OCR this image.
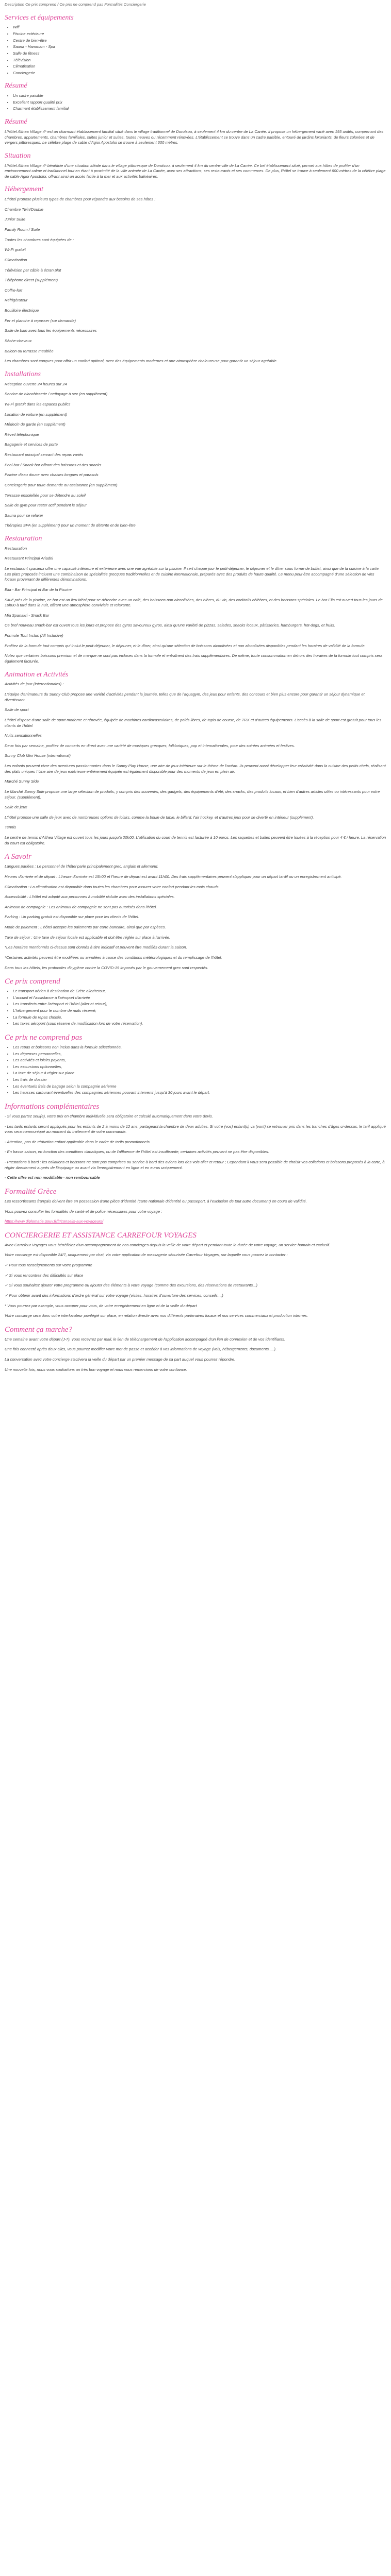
Description Ce prix comprend / Ce prix ne comprend pas Formalités Conciergerie

Services et équipements
• Wifi
• Piscine extérieure
• Centre de bien-être
• Sauna - Hammam - Spa
• Salle de fitness
• Télévision
• Climatisation
• Conciergerie
Résumé
• Un cadre paisible
• Excellent rapport qualité prix
• Charmant établissement familial
Résumé

L'Hôtel Althea Village 4* est un charmant établissement familial situé dans le village traditionnel de Dorotsou, à seulement 4 km du centre de La Canée. Il propose un hébergement varié avec 155 unités, comprenant des chambres, appartements, chambres familiales, suites junior et suites, toutes neuves ou récemment rénovées. L'établissement se trouve dans un cadre paisible, entouré de jardins luxuriants, de fleurs colorées et de vergers pittoresques. Le célèbre plage de sable d'Agioi Apostoloi se trouve à seulement 600 mètres.

Situation

L'Hôtel Althea Village 4* bénéficie d'une situation idéale dans le village pittoresque de Dorotsou, à seulement 4 km du centre-ville de La Canée. Ce bel établissement situé, permet aux hôtes de profiter d'un environnement calme et traditionnel tout en étant à proximité de la ville animée de La Canée, avec ses attractions, ses restaurants et ses commerces. De plus, l'hôtel se trouve à seulement 600 mètres de la célèbre plage de sable Agioi Apostoloi, offrant ainsi un accès facile à la mer et aux activités balnéaires.

Hébergement

L'hôtel propose plusieurs types de chambres pour répondre aux besoins de ses hôtes :

Chambre Twin/Double

Junior Suite

Family Room / Suite

Toutes les chambres sont équipées de :

Wi-Fi gratuit

Climatisation

Télévision par câble à écran plat

Téléphone direct (supplément)

Coffre-fort

Réfrigérateur

Bouilloire électrique

Fer et planche à repasser (sur demande)

Salle de bain avec tous les équipements nécessaires

Sèche-cheveux

Balcon ou terrasse meublée

Les chambres sont conçues pour offrir un confort optimal, avec des équipements modernes et une atmosphère chaleureuse pour garantir un séjour agréable.

Installations

Réception ouverte 24 heures sur 24

Service de blanchisserie / nettoyage à sec (en supplément)

Wi-Fi gratuit dans les espaces publics

Location de voiture (en supplément)

Médecin de garde (en supplément)

Réveil téléphonique

Bagagerie et services de porte

Restaurant principal servant des repas variés

Pool bar / Snack bar offrant des boissons et des snacks

Piscine d'eau douce avec chaises longues et parasols

Conciergerie pour toute demande ou assistance (en supplément)

Terrasse ensoleillée pour se détendre au soleil

Salle de gym pour rester actif pendant le séjour

Sauna pour se relaxer

Thérapies SPA (en supplément) pour un moment de détente et de bien-être

Restauration

Restauration

Restaurant Principal Ariadni

Le restaurant spacieux offre une capacité intérieure et extérieure avec une vue agréable sur la piscine. Il sert chaque jour le petit-déjeuner, le déjeuner et le dîner sous forme de buffet, ainsi que de la cuisine à la carte. Les plats proposés incluent une combinaison de spécialités grecques traditionnelles et de cuisine internationale, préparés avec des produits de haute qualité. Le menu peut être accompagné d'une sélection de vins locaux provenant de différentes dénominations.

Elia - Bar Principal et Bar de la Piscine

Situé près de la piscine, ce bar est un lieu idéal pour se détendre avec un café, des boissons non alcoolisées, des bières, du vin, des cocktails célèbres, et des boissons spéciales. Le bar Elia est ouvert tous les jours de 10h00 à tard dans la nuit, offrant une atmosphère conviviale et relaxante.

Mia Spanakri - Snack Bar

Ce bref nouveau snack-bar est ouvert tous les jours et propose des gyros savoureux gyros, ainsi qu'une variété de pizzas, salades, snacks locaux, pâtisseries, hamburgers, hot-dogs, et fruits.

Formule Tout Inclus (All Inclusive)

Profitez de la formule tout compris qui inclut le petit-déjeuner, le déjeuner, et le dîner, ainsi qu'une sélection de boissons alcoolisées et non alcoolisées disponibles pendant les horaires de validité de la formule.

Notez que certaines boissons premium et de marque ne sont pas incluses dans la formule et entraînent des frais supplémentaires. De même, toute consommation en dehors des horaires de la formule tout compris sera également facturée.

Animation et Activités

Activités de jour (internationales) :

L'équipe d'animateurs du Sunny Club propose une variété d'activités pendant la journée, telles que de l'aquagym, des jeux pour enfants, des concours et bien plus encore pour garantir un séjour dynamique et divertissant.

Salle de sport

L'hôtel dispose d'une salle de sport moderne et rénovée, équipée de machines cardiovasculaires, de poids libres, de tapis de course, de TRX et d'autres équipements. L'accès à la salle de sport est gratuit pour tous les clients de l'hôtel.

Nuits sensationnelles

Deux fois par semaine, profitez de concerts en direct avec une variété de musiques grecques, folkloriques, pop et internationales, pour des soirées animées et festives.

Sunny Club Mini House (international)

Les enfants peuvent vivre des aventures passionnantes dans le Sunny Play House, une aire de jeux intérieure sur le thème de l'océan. Ils peuvent aussi développer leur créativité dans la cuisine des petits chefs, réalisant des plats uniques ! Une aire de jeux extérieure entièrement équipée est également disponible pour des moments de jeux en plein air.

Marché Sunny Side

Le Marché Sunny Side propose une large sélection de produits, y compris des souvenirs, des gadgets, des équipements d'été, des snacks, des produits locaux, et bien d'autres articles utiles ou intéressants pour votre séjour. (supplément).

Salle de jeux

L'hôtel propose une salle de jeux avec de nombreuses options de loisirs, comme la boule de table, le billard, l'air hockey, et d'autres jeux pour se divertir en intérieur (supplément).

Tennis

Le centre de tennis d'Althea Village est ouvert tous les jours jusqu'à 20h00. L'utilisation du court de tennis est facturée à 10 euros. Les raquettes et balles peuvent être louées à la réception pour 4 € / heure. La réservation du court est obligatoire.

A Savoir

Langues parlées : Le personnel de l'hôtel parle principalement grec, anglais et allemand.

Heures d'arrivée et de départ : L'heure d'arrivée est 15h00 et l'heure de départ est avant 11h00. Des frais supplémentaires peuvent s'appliquer pour un départ tardif ou un enregistrement anticipé.

Climatisation : La climatisation est disponible dans toutes les chambres pour assurer votre confort pendant les mois chauds.

Accessibilité : L'hôtel est adapté aux personnes à mobilité réduite avec des installations spéciales.

Animaux de compagnie : Les animaux de compagnie ne sont pas autorisés dans l'hôtel.

Parking : Un parking gratuit est disponible sur place pour les clients de l'hôtel.

Mode de paiement : L'hôtel accepte les paiements par carte bancaire, ainsi que par espèces.

Taxe de séjour : Une taxe de séjour locale est applicable et doit être réglée sur place à l'arrivée.

*Les horaires mentionnés ci-dessus sont donnés à titre indicatif et peuvent être modifiés durant la saison.

*Certaines activités peuvent être modifiées ou annulées à cause des conditions météorologiques et du remplissage de l'hôtel.

Dans tous les hôtels, les protocoles d'hygiène contre la COVID-19 imposés par le gouvernement grec sont respectés.

Ce prix comprend
• Le transport aérien à destination de Crète aller/retour,
• L'accueil et l'assistance à l'aéroport d'arrivée
• Les transferts entre l'aéroport et l'hôtel (aller et retour),
• L'hébergement pour le nombre de nuits réservé,
• La formule de repas choisie,
• Les taxes aéroport (sous réserve de modification lors de votre réservation).
Ce prix ne comprend pas
• Les repas et boissons non inclus dans la formule sélectionnée,
• Les dépenses personnelles,
• Les activités et loisirs payants,
• Les excursions optionnelles,
• La taxe de séjour à régler sur place
• Les frais de dossier
• Les éventuels frais de bagage selon la compagnie aérienne
• Les hausses carburant éventuelles des compagnies aériennes pouvant intervenir jusqu'à 30 jours avant le départ.
Informations complémentaires

- Si vous partez seul(e), votre prix en chambre individuelle sera obligatoire et calculé automatiquement dans votre devis.

- Les tarifs enfants seront appliqués pour les enfants de 2 à moins de 12 ans, partageant la chambre de deux adultes. Si votre (vos) enfant(s) va (vont) se retrouver pris dans les tranches d'âges ci-dessus, le tarif appliqué vous sera communiqué au moment du traitement de votre commande.

- Attention, pas de réduction enfant applicable dans le cadre de tarifs promotionnels.

- En basse saison, en fonction des conditions climatiques, ou de l'affluence de l'hôtel est insuffisante, certaines activités peuvent ne pas être disponibles.

- Prestations à bord : les collations et boissons ne sont pas comprises ou service à bord des avions lors des vols aller et retour ; Cependant il vous sera possible de choisir vos collations et boissons proposés à la carte, à régler directement auprès de l'équipage ou avant via l'enregistrement en ligne et en euros uniquement.

- Cette offre est non modifiable - non remboursable

Formalité Grèce

Les ressortissants français doivent être en possession d'une pièce d'identité (carte nationale d'identité ou passeport, à l'exclusion de tout autre document) en cours de validité.

Vous pouvez consulter les formalités de santé et de police nécessaires pour votre voyage :

https://www.diplomatie.gouv.fr/fr/conseils-aux-voyageurs/

CONCIERGERIE ET ASSISTANCE CARREFOUR VOYAGES

Avec Carrefour Voyages vous bénéficiez d'un accompagnement de nos concierges depuis la veille de votre départ et pendant toute la durée de votre voyage, un service humain et exclusif.

Votre concierge est disponible 24/7, uniquement par chat, via votre application de messagerie sécurisée Carrefour Voyages, sur laquelle vous pouvez le contacter :

✓ Pour tous renseignements sur votre programme

✓ Si vous rencontrez des difficultés sur place

✓ Si vous souhaitez ajouter votre programme ou ajouter des éléments à votre voyage (comme des excursions, des réservations de restaurants...)

✓ Pour obtenir avant des informations d'ordre général sur votre voyage (visites, horaires d'ouverture des services, conseils....)

* Vous pourrez par exemple, vous occuper pour vous, de votre enregistrement en ligne et de la veille du départ

Votre concierge sera donc votre interlocuteur privilégié sur place, en relation directe avec nos différents partenaires locaux et nos services commerciaux et production internes.

Comment ça marche?

Une semaine avant votre départ (J-7), vous recevrez par mail, le lien de téléchargement de l'application accompagné d'un lien de connexion et de vos identifiants.

Une fois connecté après deux clics, vous pourrez modifier votre mot de passe et accéder à vos informations de voyage (vols, hébergements, documents.....).

La conversation avec votre concierge s'activera la veille du départ par un premier message de sa part auquel vous pourrez répondre.

Une nouvelle fois, nous vous souhaitons un très bon voyage et nous vous remercions de votre confiance.
